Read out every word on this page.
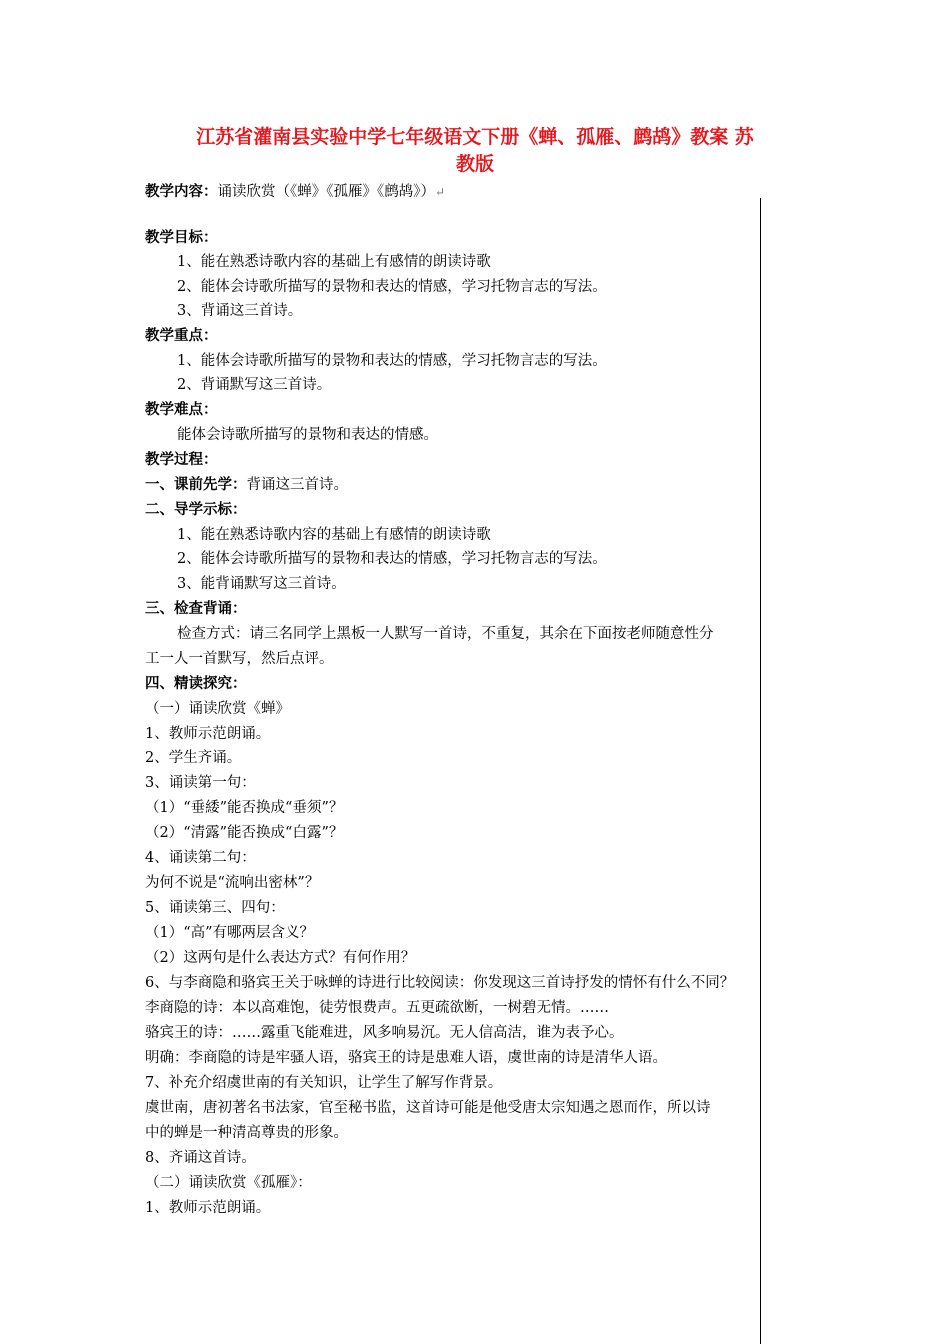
江苏省灌南县实验中学七年级语文下册《蝉、孤雁、鹧鸪》教案 苏
教版
教学内容：诵读欣赏（《蝉》《孤雁》《鹧鸪》）↵
教学目标：
1、能在熟悉诗歌内容的基础上有感情的朗读诗歌
2、能体会诗歌所描写的景物和表达的情感，学习托物言志的写法。
3、背诵这三首诗。
教学重点：
1、能体会诗歌所描写的景物和表达的情感，学习托物言志的写法。
2、背诵默写这三首诗。
教学难点：
能体会诗歌所描写的景物和表达的情感。
教学过程：
一、课前先学：背诵这三首诗。
二、导学示标：
1、能在熟悉诗歌内容的基础上有感情的朗读诗歌
2、能体会诗歌所描写的景物和表达的情感，学习托物言志的写法。
3、能背诵默写这三首诗。
三、检查背诵：
检查方式：请三名同学上黑板一人默写一首诗，不重复，其余在下面按老师随意性分
工一人一首默写，然后点评。
四、精读探究：
（一）诵读欣赏《蝉》
1、教师示范朗诵。
2、学生齐诵。
3、诵读第一句：
（1）“垂緌”能否换成“垂须”？
（2）“清露”能否换成“白露”？
4、诵读第二句：
为何不说是“流响出密林”？
5、诵读第三、四句：
（1）“高”有哪两层含义？
（2）这两句是什么表达方式？有何作用？
6、与李商隐和骆宾王关于咏蝉的诗进行比较阅读：你发现这三首诗抒发的情怀有什么不同？
李商隐的诗：本以高难饱，徒劳恨费声。五更疏欲断，一树碧无情。……
骆宾王的诗：……露重飞能难进，风多响易沉。无人信高洁，谁为表予心。
明确：李商隐的诗是牢骚人语，骆宾王的诗是患难人语，虞世南的诗是清华人语。
7、补充介绍虞世南的有关知识，让学生了解写作背景。
虞世南，唐初著名书法家，官至秘书监，这首诗可能是他受唐太宗知遇之恩而作，所以诗
中的蝉是一种清高尊贵的形象。
8、齐诵这首诗。
（二）诵读欣赏《孤雁》：
1、教师示范朗诵。
